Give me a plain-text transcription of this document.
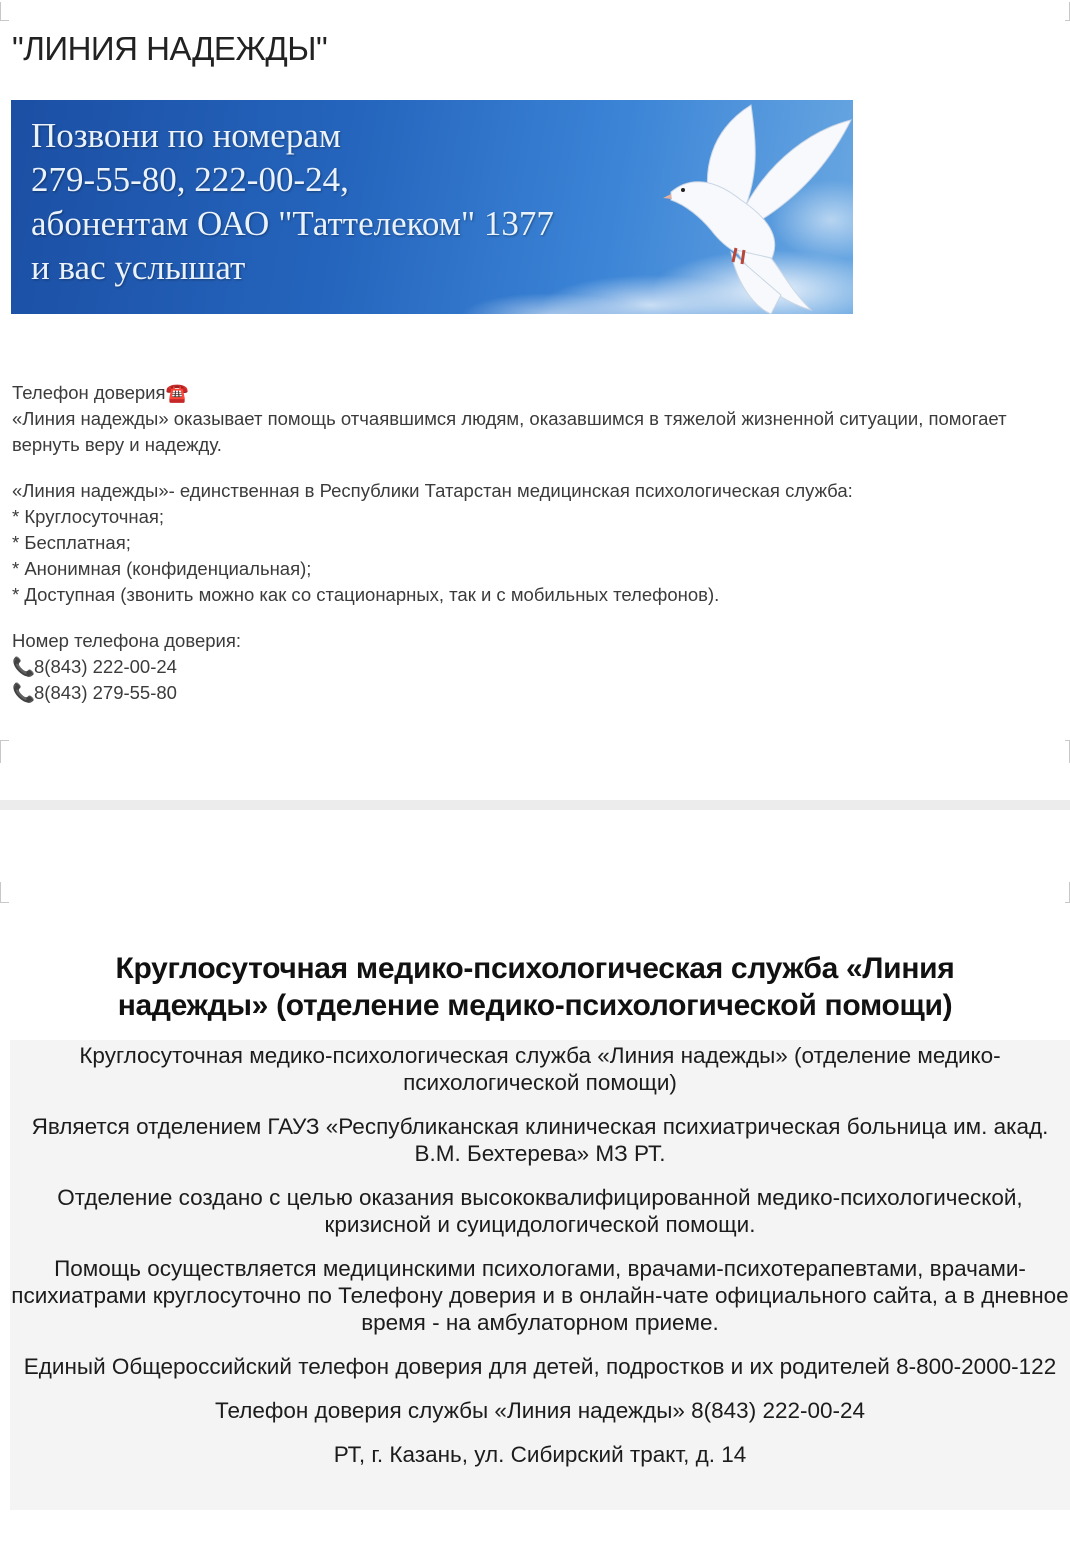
"ЛИНИЯ НАДЕЖДЫ"
Позвони по номерам
279-55-80, 222-00-24,
абонентам ОАО "Таттелеком" 1377
и вас услышат

Телефон доверия☎️

«Линия надежды» оказывает помощь отчаявшимся людям, оказавшимся в тяжелой жизненной ситуации, помогает вернуть веру и надежду.

«Линия надежды»- единственная в Республики Татарстан медицинская психологическая служба:

* Круглосуточная;

* Бесплатная;

* Анонимная (конфиденциальная);

* Доступная (звонить можно как со стационарных, так и с мобильных телефонов).

Номер телефона доверия:

📞8(843) 222-00-24

📞8(843) 279-55-80

Круглосуточная медико-психологическая служба «Линия надежды» (отделение медико-психологической помощи)

Круглосуточная медико-психологическая служба «Линия надежды» (отделение медико-психологической помощи)

Является отделением ГАУЗ «Республиканская клиническая психиатрическая больница им. акад. В.М. Бехтерева» МЗ РТ.

Отделение создано с целью оказания высококвалифицированной медико-психологической, кризисной и суицидологической помощи.

Помощь осуществляется медицинскими психологами, врачами-психотерапевтами, врачами-психиатрами круглосуточно по Телефону доверия и в онлайн-чате официального сайта, а в дневное время - на амбулаторном приеме.

Единый Общероссийский телефон доверия для детей, подростков и их родителей 8-800-2000-122

Телефон доверия службы «Линия надежды» 8(843) 222-00-24

РТ, г. Казань, ул. Сибирский тракт, д. 14
